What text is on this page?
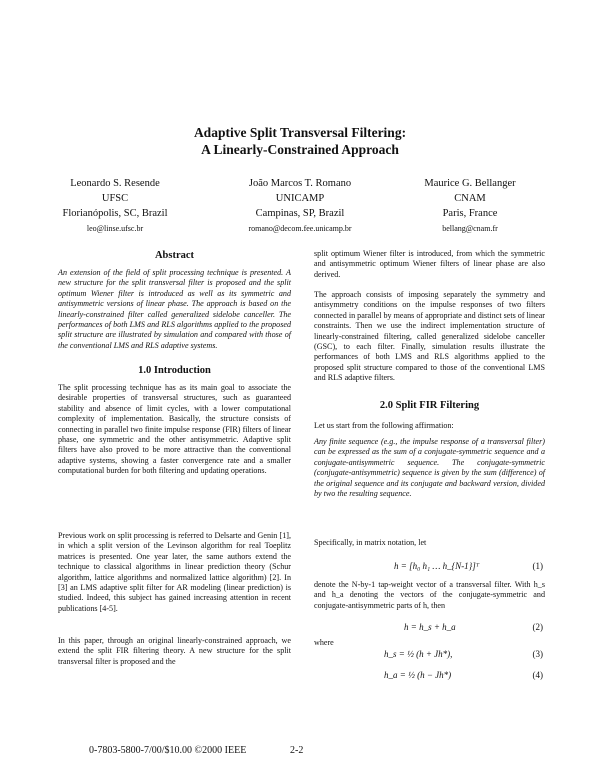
Adaptive Split Transversal Filtering:
A Linearly-Constrained Approach
Leonardo S. Resende
UFSC
Florianópolis, SC, Brazil
leo@linse.ufsc.br
João Marcos T. Romano
UNICAMP
Campinas, SP, Brazil
romano@decom.fee.unicamp.br
Maurice G. Bellanger
CNAM
Paris, France
bellang@cnam.fr
Abstract
An extension of the field of split processing technique is presented. A new structure for the split transversal filter is proposed and the split optimum Wiener filter is introduced as well as its symmetric and antisymmetric versions of linear phase. The approach is based on the linearly-constrained filter called generalized sidelobe canceller. The performances of both LMS and RLS algorithms applied to the proposed split structure are illustrated by simulation and compared with those of the conventional LMS and RLS adaptive systems.
1.0 Introduction
The split processing technique has as its main goal to associate the desirable properties of transversal structures, such as guaranteed stability and absence of limit cycles, with a lower computational complexity of implementation. Basically, the structure consists of connecting in parallel two finite impulse response (FIR) filters of linear phase, one symmetric and the other antisymmetric. Adaptive split filters have also proved to be more attractive than the conventional adaptive systems, showing a faster convergence rate and a smaller computational burden for both filtering and updating operations.
Previous work on split processing is referred to Delsarte and Genin [1], in which a split version of the Levinson algorithm for real Toeplitz matrices is presented. One year later, the same authors extend the technique to classical algorithms in linear prediction theory (Schur algorithm, lattice algorithms and normalized lattice algorithm) [2]. In [3] an LMS adaptive split filter for AR modeling (linear prediction) is studied. Indeed, this subject has gained increasing attention in recent publications [4-5].
In this paper, through an original linearly-constrained approach, we extend the split FIR filtering theory. A new structure for the split transversal filter is proposed and the
split optimum Wiener filter is introduced, from which the symmetric and antisymmetric optimum Wiener filters of linear phase are also derived.
The approach consists of imposing separately the symmetry and antisymmetry conditions on the impulse responses of two filters connected in parallel by means of appropriate and distinct sets of linear constraints. Then we use the indirect implementation structure of linearly-constrained filtering, called generalized sidelobe canceller (GSC), to each filter. Finally, simulation results illustrate the performances of both LMS and RLS algorithms applied to the proposed split structure compared to those of the conventional LMS and RLS adaptive filters.
2.0 Split FIR Filtering
Let us start from the following affirmation:
Any finite sequence (e.g., the impulse response of a transversal filter) can be expressed as the sum of a conjugate-symmetric sequence and a conjugate-antisymmetric sequence. The conjugate-symmetric (conjugate-antisymmetric) sequence is given by the sum (difference) of the original sequence and its conjugate and backward version, divided by two the resulting sequence.
Specifically, in matrix notation, let
h = [h₀ h₁ … h_{N-1}]ᵀ	(1)
denote the N-by-1 tap-weight vector of a transversal filter. With h_s and h_a denoting the vectors of the conjugate-symmetric and conjugate-antisymmetric parts of h, then
h = h_s + h_a	(2)
where
h_s = ½ (h + Jh*),	(3)
h_a = ½ (h − Jh*)	(4)
0-7803-5800-7/00/$10.00 ©2000 IEEE	2-2
